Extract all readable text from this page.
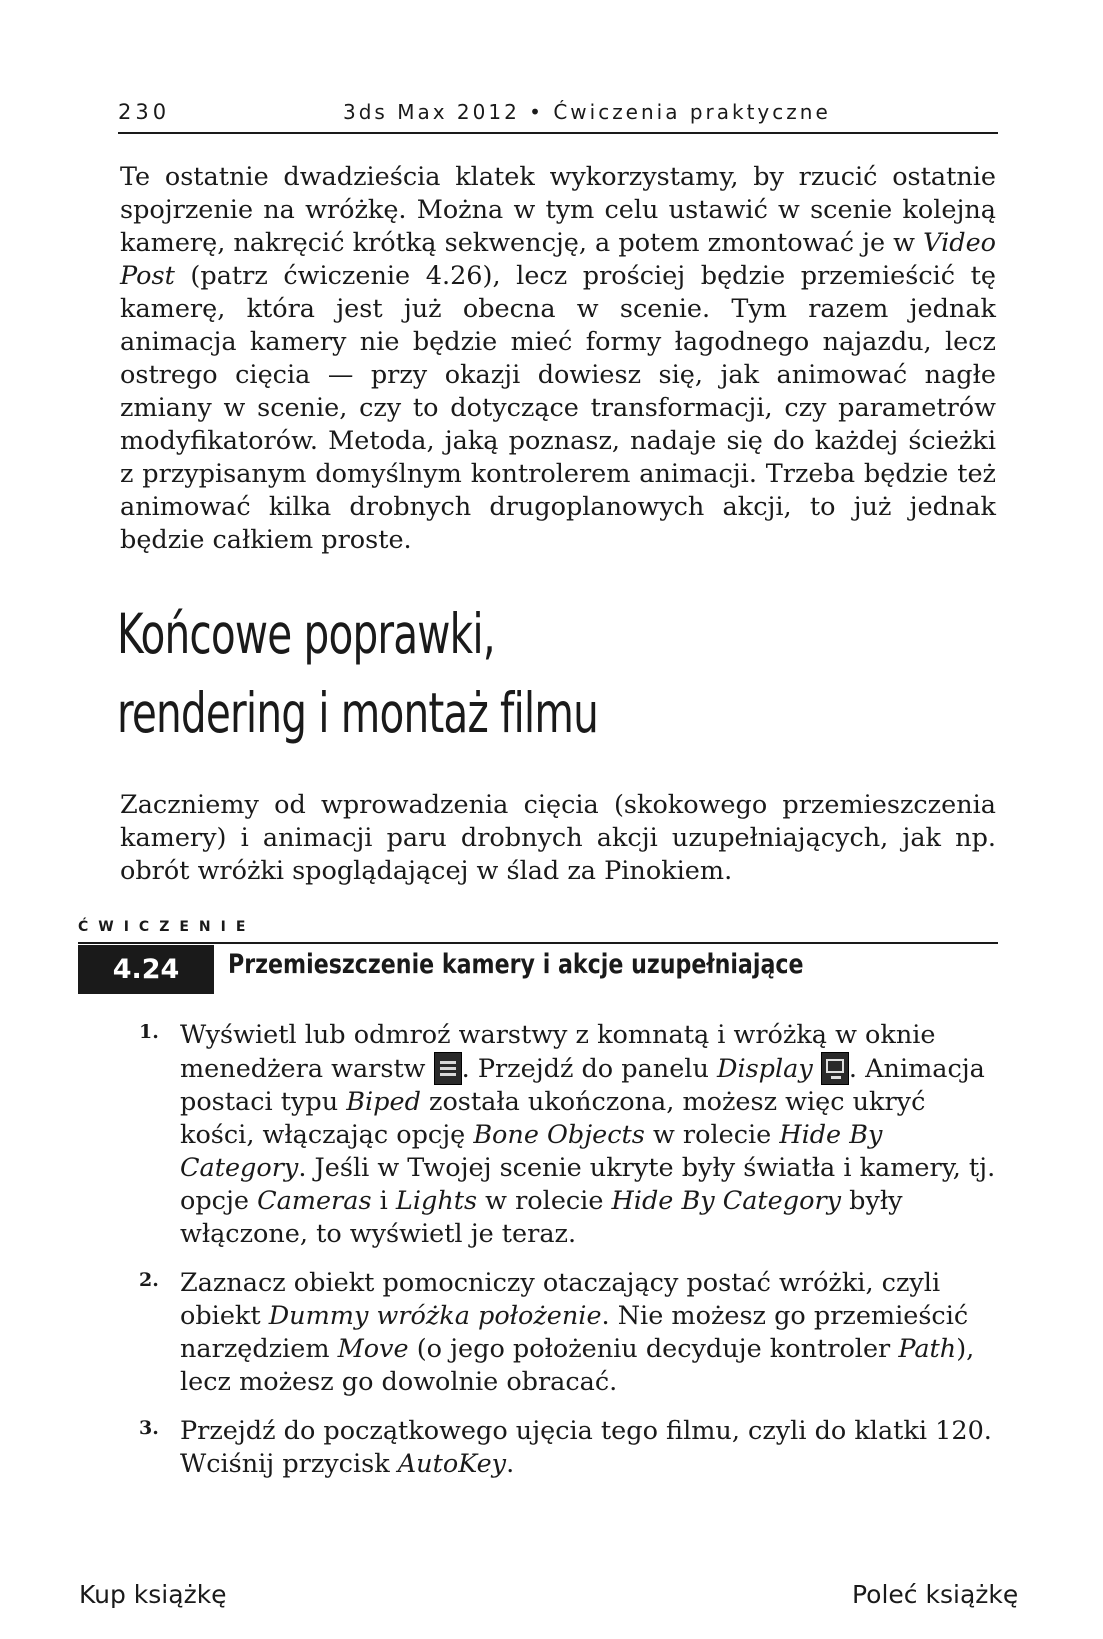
230	3ds Max 2012 • Ćwiczenia praktyczne

Te ostatnie dwadzieścia klatek wykorzystamy, by rzucić ostatnie spojrzenie na wróżkę. Można w tym celu ustawić w scenie kolejną kamerę, nakręcić krótką sekwencję, a potem zmontować je w Video Post (patrz ćwiczenie 4.26), lecz prościej będzie przemieścić tę kamerę, która jest już obecna w scenie. Tym razem jednak animacja kamery nie będzie mieć formy łagodnego najazdu, lecz ostrego cięcia — przy okazji dowiesz się, jak animować nagłe zmiany w scenie, czy to dotyczące transformacji, czy parametrów modyfikatorów. Metoda, jaką poznasz, nadaje się do każdej ścieżki z przypisanym domyślnym kontrolerem animacji. Trzeba będzie też animować kilka drobnych drugoplanowych akcji, to już jednak będzie całkiem proste.

Końcowe poprawki,
rendering i montaż filmu

Zaczniemy od wprowadzenia cięcia (skokowego przemieszczenia kamery) i animacji paru drobnych akcji uzupełniających, jak np. obrót wróżki spoglądającej w ślad za Pinokiem.

ĆWICZENIE
4.24	Przemieszczenie kamery i akcje uzupełniające
1. Wyświetl lub odmroź warstwy z komnatą i wróżką w oknie menedżera warstw . Przejdź do panelu Display . Animacja postaci typu Biped została ukończona, możesz więc ukryć kości, włączając opcję Bone Objects w rolecie Hide By Category. Jeśli w Twojej scenie ukryte były światła i kamery, tj. opcje Cameras i Lights w rolecie Hide By Category były włączone, to wyświetl je teraz.

2. Zaznacz obiekt pomocniczy otaczający postać wróżki, czyli obiekt Dummy wróżka położenie. Nie możesz go przemieścić narzędziem Move (o jego położeniu decyduje kontroler Path), lecz możesz go dowolnie obracać.

3. Przejdź do początkowego ujęcia tego filmu, czyli do klatki 120. Wciśnij przycisk AutoKey.

Kup książkę	Poleć książkę
